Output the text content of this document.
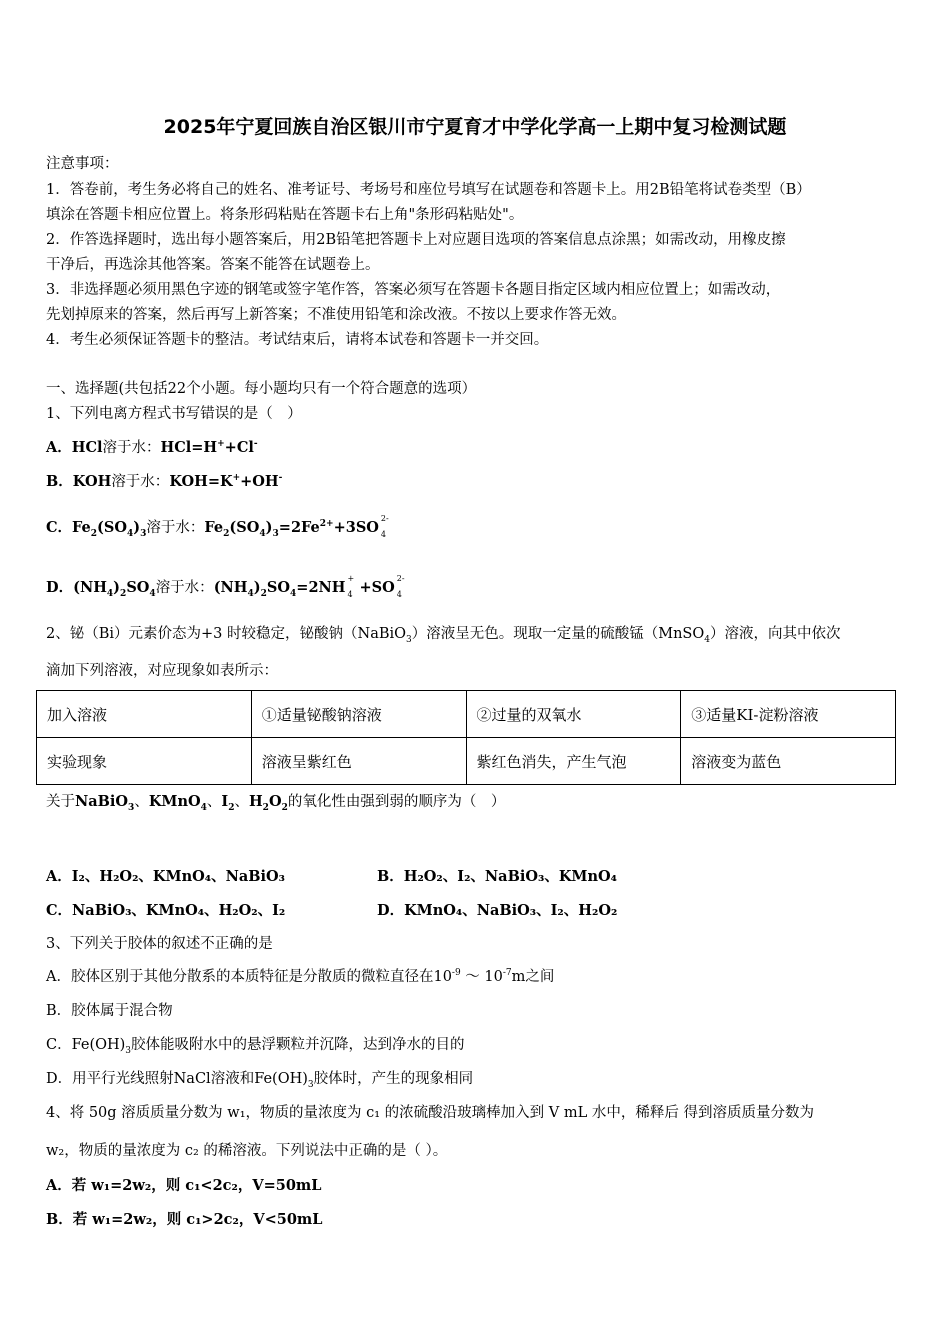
2025年宁夏回族自治区银川市宁夏育才中学化学高一上期中复习检测试题
注意事项：
1．答卷前，考生务必将自己的姓名、准考证号、考场号和座位号填写在试题卷和答题卡上。用2B铅笔将试卷类型（B）
填涂在答题卡相应位置上。将条形码粘贴在答题卡右上角"条形码粘贴处"。
2．作答选择题时，选出每小题答案后，用2B铅笔把答题卡上对应题目选项的答案信息点涂黑；如需改动，用橡皮擦
干净后，再选涂其他答案。答案不能答在试题卷上。
3．非选择题必须用黑色字迹的钢笔或签字笔作答，答案必须写在答题卡各题目指定区域内相应位置上；如需改动，
先划掉原来的答案，然后再写上新答案；不准使用铅笔和涂改液。不按以上要求作答无效。
4．考生必须保证答题卡的整洁。考试结束后，请将本试卷和答题卡一并交回。
一、选择题(共包括22个小题。每小题均只有一个符合题意的选项）
1、下列电离方程式书写错误的是（　）
A．HCl溶于水：HCl=H++Cl-
B．KOH溶于水：KOH=K++OH-
C．$Fe_2(SO_4)_3$溶于水：$Fe_2(SO_4)_3=2Fe^{2+}+3SO$
2-
4
D．$(NH_4)_2SO_4$溶于水：$(NH_4)_2SO_4=2NH$
+
4 +SO
2-
4
2、铋（Bi）元素价态为+3 时较稳定，铋酸钠（NaBiO$_3$）溶液呈无色。现取一定量的硫酸锰（MnSO$_4$）溶液，向其中依次
滴加下列溶液，对应现象如表所示：
加入溶液	①适量铋酸钠溶液	②过量的双氧水	③适量KI-淀粉溶液
实验现象	溶液呈紫红色	紫红色消失，产生气泡	溶液变为蓝色
关于NaBiO$_3$、KMnO$_4$、$I_2$、$H_2O_2$的氧化性由强到弱的顺序为（　）
A．I₂、H₂O₂、KMnO₄、NaBiO₃	B．H₂O₂、I₂、NaBiO₃、KMnO₄
C．NaBiO₃、KMnO₄、H₂O₂、I₂	D．KMnO₄、NaBiO₃、I₂、H₂O₂
3、下列关于胶体的叙述不正确的是
A．胶体区别于其他分散系的本质特征是分散质的微粒直径在$10^{-9}$ ～ $10^{-7}m$之间
B．胶体属于混合物
C．$Fe(OH)_3$胶体能吸附水中的悬浮颗粒并沉降，达到净水的目的
D．用平行光线照射NaCl溶液和$Fe(OH)_3$胶体时，产生的现象相同
4、将 50g 溶质质量分数为 w₁，物质的量浓度为 c₁ 的浓硫酸沿玻璃棒加入到 V mL 水中，稀释后 得到溶质质量分数为
w₂，物质的量浓度为 c₂ 的稀溶液。下列说法中正确的是（ ）。
A．若 w₁=2w₂，则 c₁<2c₂，V=50mL
B．若 w₁=2w₂，则 c₁>2c₂，V<50mL
